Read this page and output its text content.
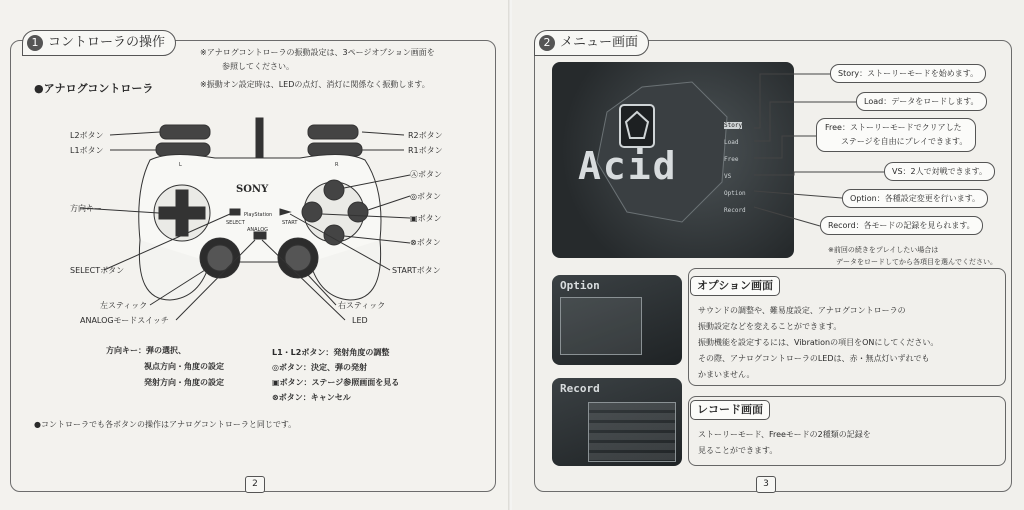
1 コントローラの操作
※アナログコントローラの振動設定は、3ページオプション画面を
参照してください。
※振動オン設定時は、LEDの点灯、消灯に関係なく振動します。
●アナログコントローラ
SONY
PlayStation
SELECT	START
ANALOG
L	R
L2ボタン
L1ボタン
方向キー
SELECTボタン
左スティック
ANALOGモードスイッチ
R2ボタン
R1ボタン
Ⓐボタン
◎ボタン
▣ボタン
⊗ボタン
STARTボタン
右スティック
LED
方向キー：弾の選択、
視点方向・角度の設定
発射方向・角度の設定
L1・L2ボタン：発射角度の調整
◎ボタン：決定、弾の発射
▣ボタン：ステージ参照画面を見る
⊗ボタン：キャンセル
●コントローラでも各ボタンの操作はアナログコントローラと同じです。
2
2 メニュー画面
Acid
Story
Load
Free
VS
Option
Record
Story：ストーリーモードを始めます。
Load：データをロードします。
Free：ストーリーモードでクリアした
ステージを自由にプレイできます。
VS：2人で対戦できます。
Option：各種設定変更を行います。
Record：各モードの記録を見られます。
※前回の続きをプレイしたい場合は
データをロードしてから各項目を選んでください。
Option
Record
オプション画面
サウンドの調整や、難易度設定、アナログコントローラの
振動設定などを変えることができます。
振動機能を設定するには、Vibrationの項目をONにしてください。
その際、アナログコントローラのLEDは、赤・無点灯いずれでも
かまいません。
レコード画面
ストーリーモード、Freeモードの2種類の記録を
見ることができます。
3
